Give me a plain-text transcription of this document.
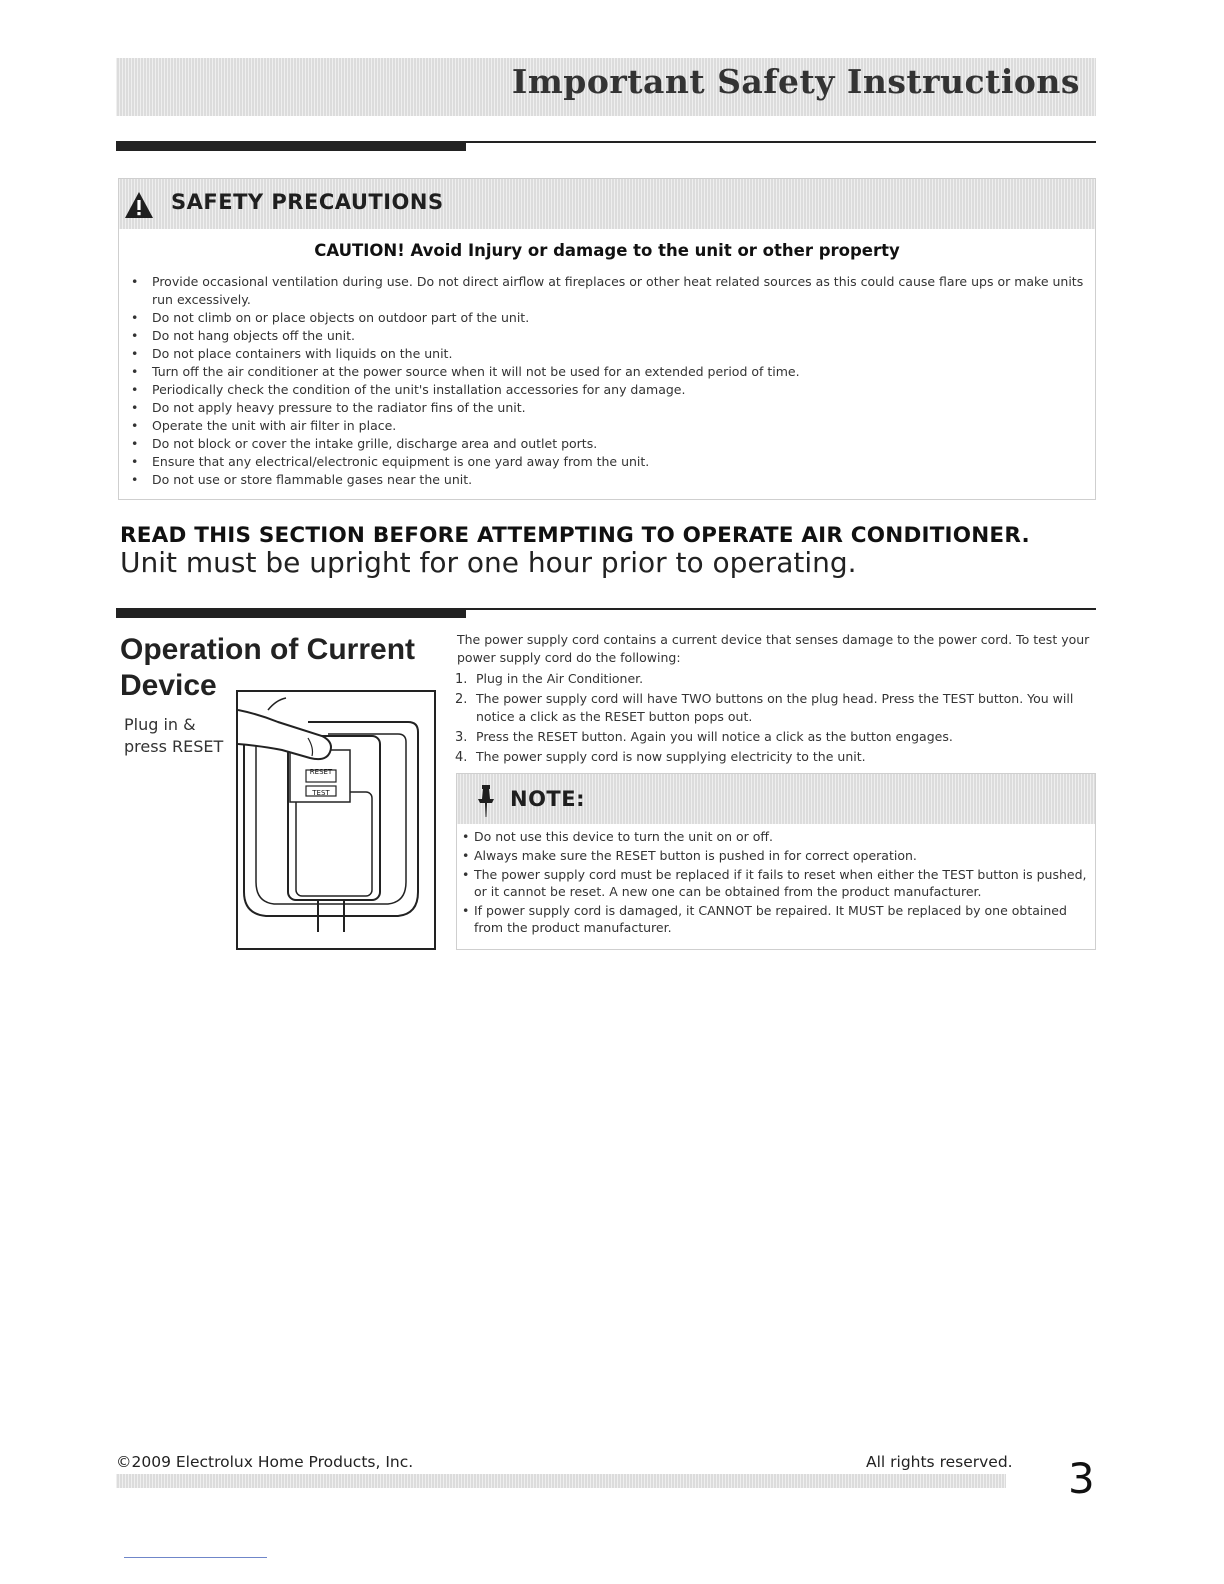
Important Safety Instructions
SAFETY PRECAUTIONS
CAUTION! Avoid Injury or damage to the unit or other property
• Provide occasional ventilation during use. Do not direct airflow at fireplaces or other heat related sources as this could cause flare ups or make units run excessively.
• Do not climb on or place objects on outdoor part of the unit.
• Do not hang objects off the unit.
• Do not place containers with liquids on the unit.
• Turn off the air conditioner at the power source when it will not be used for an extended period of time.
• Periodically check the condition of the unit's installation accessories for any damage.
• Do not apply heavy pressure to the radiator fins of the unit.
• Operate the unit with air filter in place.
• Do not block or cover the intake grille, discharge area and outlet ports.
• Ensure that any electrical/electronic equipment is one yard away from the unit.
• Do not use or store flammable gases near the unit.
READ THIS SECTION BEFORE ATTEMPTING TO OPERATE AIR CONDITIONER.
Unit must be upright for one hour prior to operating.
Operation of Current Device
Plug in & press RESET
RESET
TEST

The power supply cord contains a current device that senses damage to the power cord. To test your power supply cord do the following:

1. Plug in the Air Conditioner.
2. The power supply cord will have TWO buttons on the plug head. Press the TEST button. You will notice a click as the RESET button pops out.
3. Press the RESET button. Again you will notice a click as the button engages.
4. The power supply cord is now supplying electricity to the unit.
NOTE:
• Do not use this device to turn the unit on or off.
• Always make sure the RESET button is pushed in for correct operation.
• The power supply cord must be replaced if it fails to reset when either the TEST button is pushed, or it cannot be reset. A new one can be obtained from the product manufacturer.
• If power supply cord is damaged, it CANNOT be repaired. It MUST be replaced by one obtained from the product manufacturer.
©2009 Electrolux Home Products, Inc.	All rights reserved. 3
